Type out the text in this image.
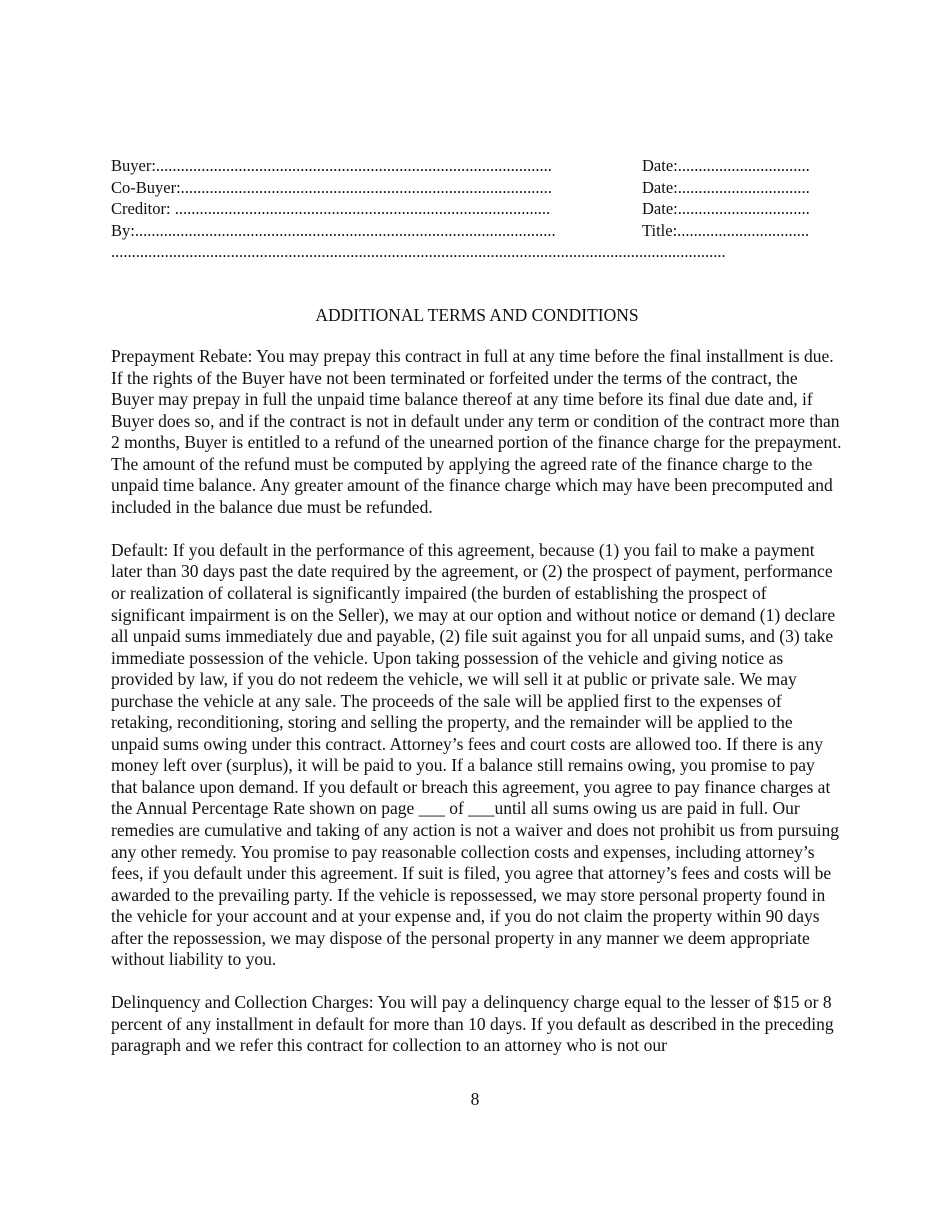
Buyer:................................................................................................	Date:................................
Co-Buyer:..........................................................................................	Date:................................
Creditor: ...........................................................................................	Date:................................
By:......................................................................................................	Title:................................
.....................................................................................................................................................
ADDITIONAL TERMS AND CONDITIONS

Prepayment Rebate: You may prepay this contract in full at any time before the final installment is due. If the rights of the Buyer have not been terminated or forfeited under the terms of the contract, the Buyer may prepay in full the unpaid time balance thereof at any time before its final due date and, if Buyer does so, and if the contract is not in default under any term or condition of the contract more than 2 months, Buyer is entitled to a refund of the unearned portion of the finance charge for the prepayment. The amount of the refund must be computed by applying the agreed rate of the finance charge to the unpaid time balance. Any greater amount of the finance charge which may have been precomputed and included in the balance due must be refunded.

Default: If you default in the performance of this agreement, because (1) you fail to make a payment later than 30 days past the date required by the agreement, or (2) the prospect of payment, performance or realization of collateral is significantly impaired (the burden of establishing the prospect of significant impairment is on the Seller), we may at our option and without notice or demand (1) declare all unpaid sums immediately due and payable, (2) file suit against you for all unpaid sums, and (3) take immediate possession of the vehicle. Upon taking possession of the vehicle and giving notice as provided by law, if you do not redeem the vehicle, we will sell it at public or private sale. We may purchase the vehicle at any sale. The proceeds of the sale will be applied first to the expenses of retaking, reconditioning, storing and selling the property, and the remainder will be applied to the unpaid sums owing under this contract. Attorney’s fees and court costs are allowed too. If there is any money left over (surplus), it will be paid to you. If a balance still remains owing, you promise to pay that balance upon demand. If you default or breach this agreement, you agree to pay finance charges at the Annual Percentage Rate shown on page ___ of ___until all sums owing us are paid in full. Our remedies are cumulative and taking of any action is not a waiver and does not prohibit us from pursuing any other remedy. You promise to pay reasonable collection costs and expenses, including attorney’s fees, if you default under this agreement. If suit is filed, you agree that attorney’s fees and costs will be awarded to the prevailing party. If the vehicle is repossessed, we may store personal property found in the vehicle for your account and at your expense and, if you do not claim the property within 90 days after the repossession, we may dispose of the personal property in any manner we deem appropriate without liability to you.

Delinquency and Collection Charges: You will pay a delinquency charge equal to the lesser of $15 or 8 percent of any installment in default for more than 10 days. If you default as described in the preceding paragraph and we refer this contract for collection to an attorney who is not our

8
